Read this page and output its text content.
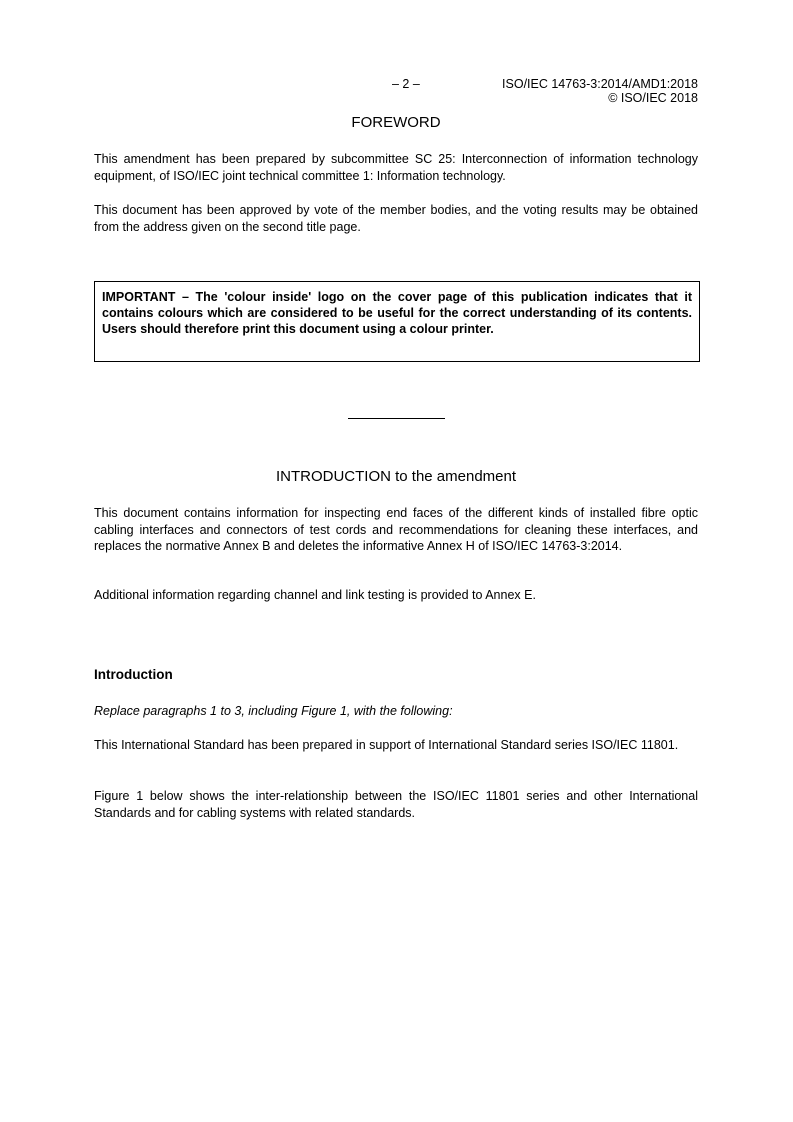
– 2 –	ISO/IEC 14763-3:2014/AMD1:2018
© ISO/IEC 2018
FOREWORD

This amendment has been prepared by subcommittee SC 25: Interconnection of information technology equipment, of ISO/IEC joint technical committee 1: Information technology.

This document has been approved by vote of the member bodies, and the voting results may be obtained from the address given on the second title page.

IMPORTANT – The 'colour inside' logo on the cover page of this publication indicates that it contains colours which are considered to be useful for the correct understanding of its contents. Users should therefore print this document using a colour printer.

INTRODUCTION to the amendment

This document contains information for inspecting end faces of the different kinds of installed fibre optic cabling interfaces and connectors of test cords and recommendations for cleaning these interfaces, and replaces the normative Annex B and deletes the informative Annex H of ISO/IEC 14763-3:2014.

Additional information regarding channel and link testing is provided to Annex E.

Introduction

Replace paragraphs 1 to 3, including Figure 1, with the following:

This International Standard has been prepared in support of International Standard series ISO/IEC 11801.

Figure 1 below shows the inter-relationship between the ISO/IEC 11801 series and other International Standards and for cabling systems with related standards.
